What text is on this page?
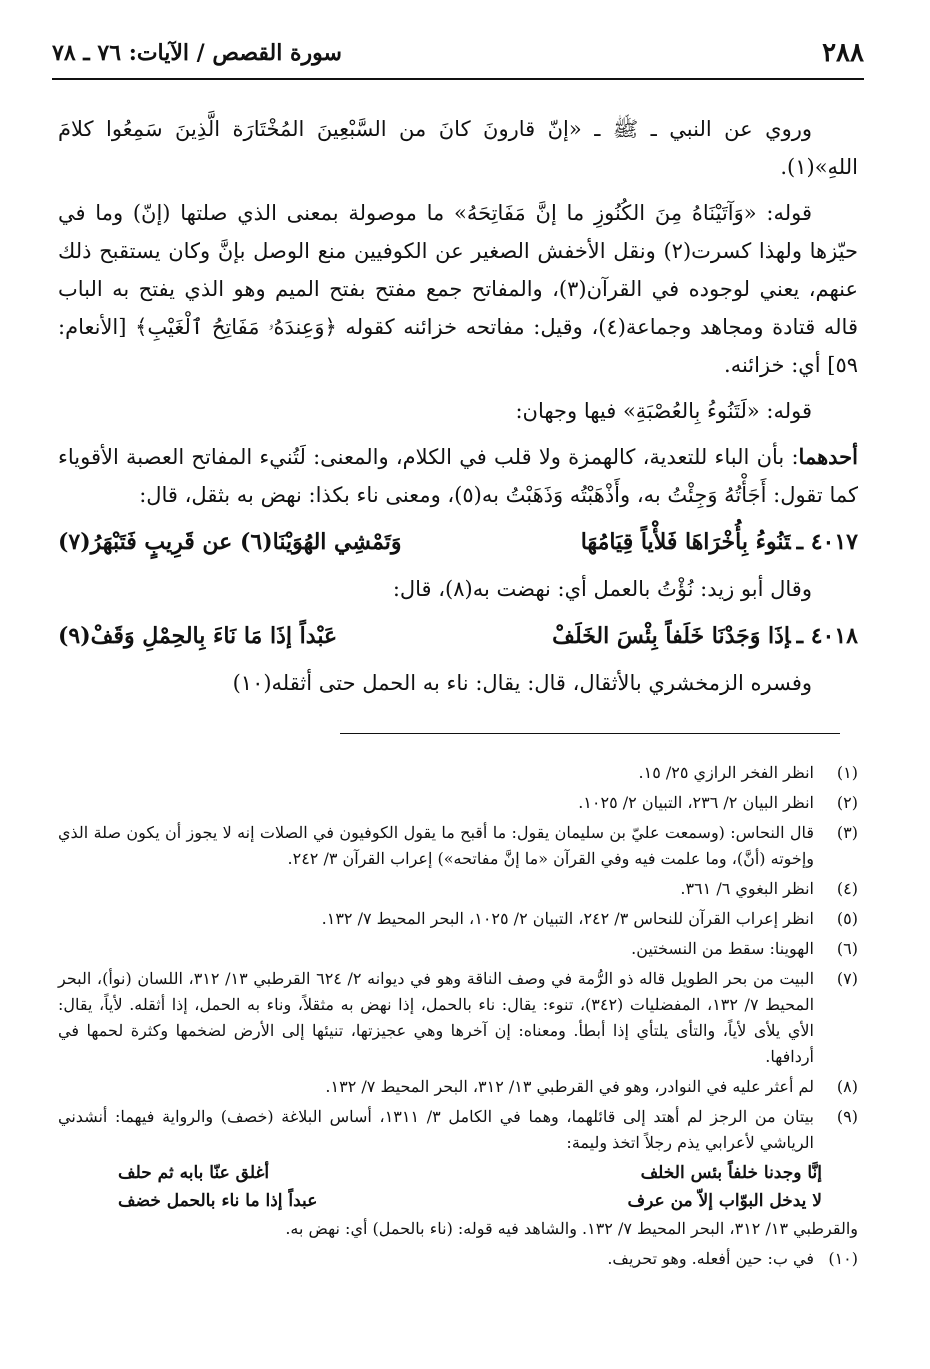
٢٨٨
سورة القصص / الآيات: ٧٦ ـ ٧٨

وروي عن النبي ـ ﷺ ـ «إنّ قارونَ كانَ من السَّبْعِينَ المُخْتَارَة الَّذِينَ سَمِعُوا كلامَ اللهِ»(١).

قوله: «وَآتَيْنَاهُ مِنَ الكُنُوزِ ما إنَّ مَفَاتِحَهُ» ما موصولة بمعنى الذي صلتها (إنّ) وما في حيّزها ولهذا كسرت(٢) ونقل الأخفش الصغير عن الكوفيين منع الوصل بإنَّ وكان يستقبح ذلك عنهم، يعني لوجوده في القرآن(٣)، والمفاتح جمع مفتح بفتح الميم وهو الذي يفتح به الباب قاله قتادة ومجاهد وجماعة(٤)، وقيل: مفاتحه خزائنه كقوله ﴿وَعِندَهُۥ مَفَاتِحُ ٱلْغَيْبِ﴾ [الأنعام: ٥٩] أي: خزائنه.

قوله: «لَتَنُوءُ بِالعُصْبَةِ» فيها وجهان:

أحدهما: بأن الباء للتعدية، كالهمزة ولا قلب في الكلام، والمعنى: لَتُنيء المفاتح العصبة الأقوياء كما تقول: أَجَأْتُهُ وَجِئْتُ به، وأَذْهَبْتُه وَذَهَبْتُ به(٥)، ومعنى ناء بكذا: نهض به بثقل، قال:

٤٠١٧ ـتَنُوءُ بِأُخْرَاهَا فَلأْياً قِيَامُهَا
وَتَمْشِي الهُوَيْنَا(٦) عن قَرِيبٍ فَتَبْهَرُ(٧)

وقال أبو زيد: نُؤْتُ بالعمل أي: نهضت به(٨)، قال:

٤٠١٨ ـإذَا وَجَدْنَا خَلَفاً بِئْسَ الخَلَفْ
عَبْداً إذَا مَا نَاءَ بِالحِمْلِ وَقَفْ(٩)

وفسره الزمخشري بالأثقال، قال: يقال: ناء به الحمل حتى أثقله(١٠)

(١)
انظر الفخر الرازي ٢٥/ ١٥.
(٢)
انظر البيان ٢/ ٢٣٦، التبيان ٢/ ١٠٢٥.
(٣)
قال النحاس: (وسمعت عليّ بن سليمان يقول: ما أقبح ما يقول الكوفيون في الصلات إنه لا يجوز أن يكون صلة الذي وإخوته (أنَّ)، وما علمت فيه وفي القرآن «ما إنَّ مفاتحه») إعراب القرآن ٣/ ٢٤٢.
(٤)
انظر البغوي ٦/ ٣٦١.
(٥)
انظر إعراب القرآن للنحاس ٣/ ٢٤٢، التبيان ٢/ ١٠٢٥، البحر المحيط ٧/ ١٣٢.
(٦)
الهوينا: سقط من النسختين.
(٧)
البيت من بحر الطويل قاله ذو الرُّمة في وصف الناقة وهو في ديوانه ٢/ ٦٢٤ القرطبي ١٣/ ٣١٢، اللسان (نوأ)، البحر المحيط ٧/ ١٣٢، المفضليات (٣٤٢)، تنوء: يقال: ناء بالحمل، إذا نهض به مثقلاً، وناء به الحمل، إذا أثقله. لأياً، يقال: الأي يلأى لأياً، والتأى يلتأي إذا أبطأ. ومعناه: إن آخرها وهي عجيزتها، تنيئها إلى الأرض لضخمها وكثرة لحمها في أردافها.
(٨)
لم أعثر عليه في النوادر، وهو في القرطبي ١٣/ ٣١٢، البحر المحيط ٧/ ١٣٢.
(٩)
بيتان من الرجز لم أهتد إلى قائلهما، وهما في الكامل ٣/ ١٣١١، أساس البلاغة (خصف) والرواية فيهما: أنشدني الرياشي لأعرابي يذم رجلاً اتخذ وليمة:
إنَّا وجدنا خلفاً بئس الخلف
أغلق عنّا بابه ثم حلف
لا يدخل البوّاب إلاّ من عرف
عبداً إذا ما ناء بالحمل خضف
والقرطبي ١٣/ ٣١٢، البحر المحيط ٧/ ١٣٢. والشاهد فيه قوله: (ناء بالحمل) أي: نهض به.
(١٠)
في ب: حين أفعله. وهو تحريف.
